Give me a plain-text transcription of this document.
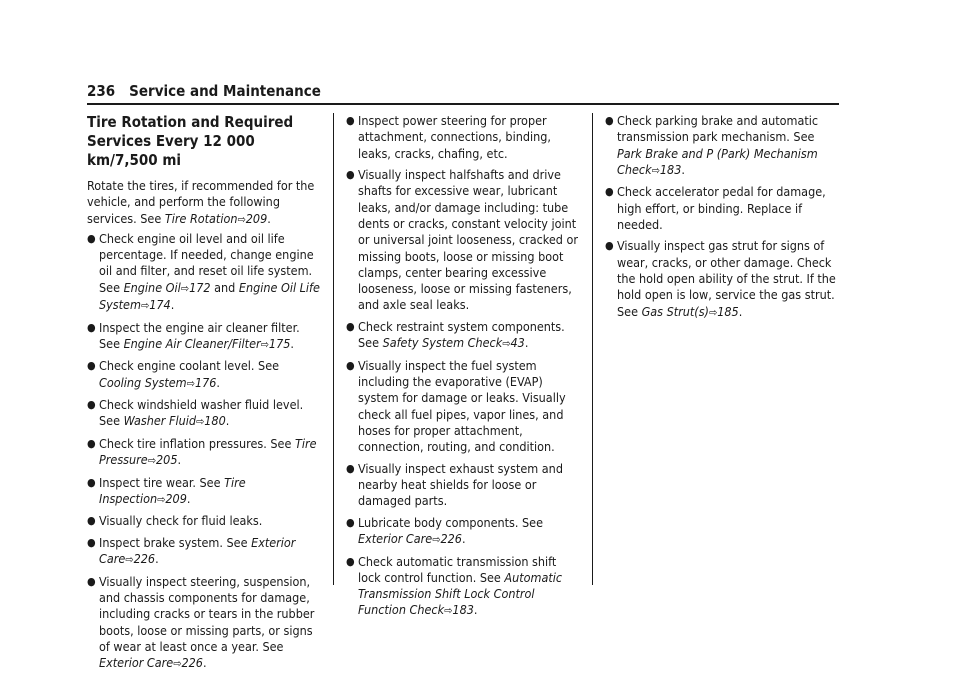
236 Service and Maintenance
Tire Rotation and Required Services Every 12 000 km/7,500 mi

Rotate the tires, if recommended for the vehicle, and perform the following services. See Tire Rotation⇨209.

● Check engine oil level and oil life percentage. If needed, change engine oil and filter, and reset oil life system. See Engine Oil⇨172 and Engine Oil Life System⇨174.
● Inspect the engine air cleaner filter. See Engine Air Cleaner/Filter⇨175.
● Check engine coolant level. See Cooling System⇨176.
● Check windshield washer fluid level. See Washer Fluid⇨180.
● Check tire inflation pressures. See Tire Pressure⇨205.
● Inspect tire wear. See Tire Inspection⇨209.
● Visually check for fluid leaks.
● Inspect brake system. See Exterior Care⇨226.
● Visually inspect steering, suspension, and chassis components for damage, including cracks or tears in the rubber boots, loose or missing parts, or signs of wear at least once a year. See Exterior Care⇨226.
● Inspect power steering for proper attachment, connections, binding, leaks, cracks, chafing, etc.
● Visually inspect halfshafts and drive shafts for excessive wear, lubricant leaks, and/or damage including: tube dents or cracks, constant velocity joint or universal joint looseness, cracked or missing boots, loose or missing boot clamps, center bearing excessive looseness, loose or missing fasteners, and axle seal leaks.
● Check restraint system components. See Safety System Check⇨43.
● Visually inspect the fuel system including the evaporative (EVAP) system for damage or leaks. Visually check all fuel pipes, vapor lines, and hoses for proper attachment, connection, routing, and condition.
● Visually inspect exhaust system and nearby heat shields for loose or damaged parts.
● Lubricate body components. See Exterior Care⇨226.
● Check automatic transmission shift lock control function. See Automatic Transmission Shift Lock Control Function Check⇨183.
● Check parking brake and automatic transmission park mechanism. See Park Brake and P (Park) Mechanism Check⇨183.
● Check accelerator pedal for damage, high effort, or binding. Replace if needed.
● Visually inspect gas strut for signs of wear, cracks, or other damage. Check the hold open ability of the strut. If the hold open is low, service the gas strut. See Gas Strut(s)⇨185.
